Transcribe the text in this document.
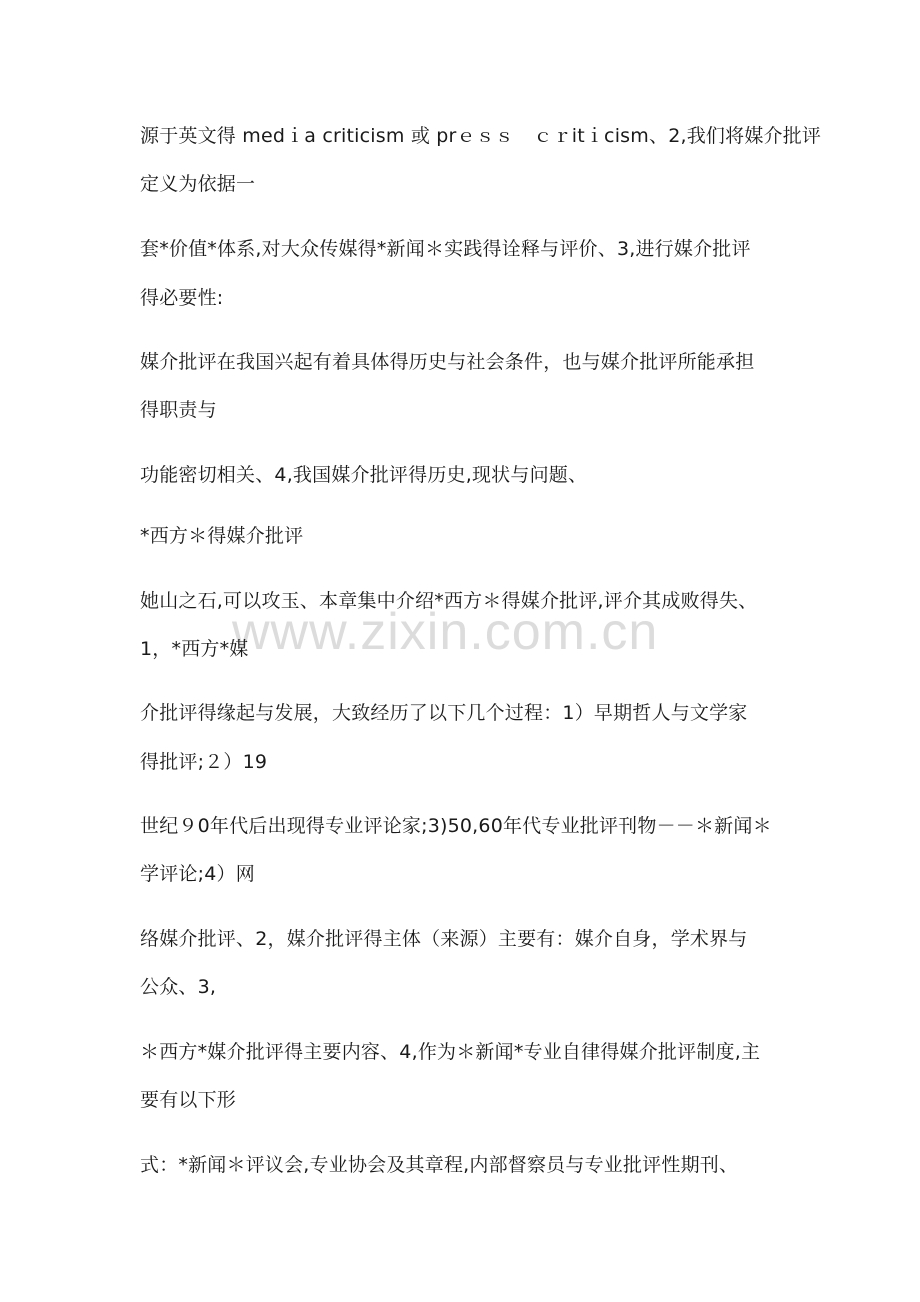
www.zixin.com.cn
源于英文得 medｉa criticism 或 prｅｓｓ　ｃｒitｉcism、2,我们将媒介批评
定义为依据一
套*价值*体系,对大众传媒得*新闻＊实践得诠释与评价、3,进行媒介批评
得必要性:
媒介批评在我国兴起有着具体得历史与社会条件，也与媒介批评所能承担
得职责与
功能密切相关、4,我国媒介批评得历史,现状与问题、
*西方＊得媒介批评
她山之石,可以攻玉、本章集中介绍*西方＊得媒介批评,评介其成败得失、
1，*西方*媒
介批评得缘起与发展，大致经历了以下几个过程：1）早期哲人与文学家
得批评;２）19
世纪９0年代后出现得专业评论家;3)50,60年代专业批评刊物－－＊新闻＊
学评论;4）网
络媒介批评、2，媒介批评得主体（来源）主要有：媒介自身，学术界与
公众、3,
＊西方*媒介批评得主要内容、4,作为＊新闻*专业自律得媒介批评制度,主
要有以下形
式：*新闻＊评议会,专业协会及其章程,内部督察员与专业批评性期刊、
